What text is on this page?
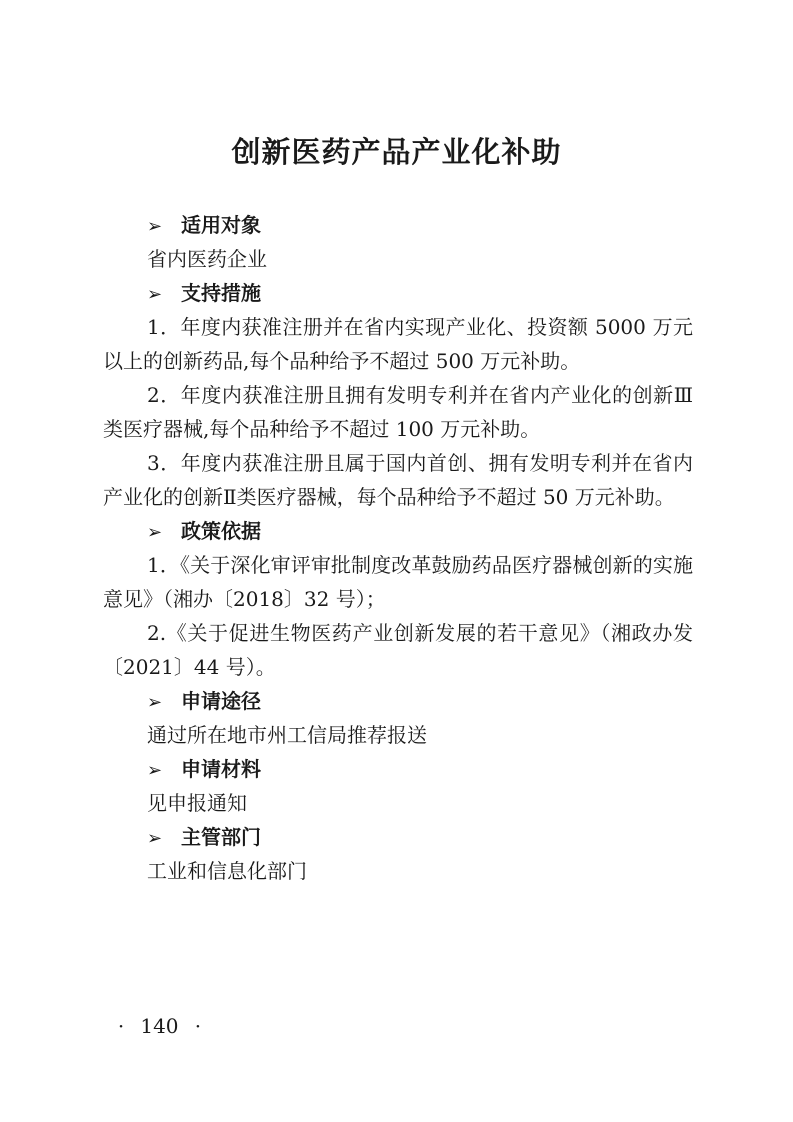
创新医药产品产业化补助
➢ 适用对象
省内医药企业
➢ 支持措施

1．年度内获准注册并在省内实现产业化、投资额 5000 万元以上的创新药品,每个品种给予不超过 500 万元补助。

2．年度内获准注册且拥有发明专利并在省内产业化的创新Ⅲ类医疗器械,每个品种给予不超过 100 万元补助。

3．年度内获准注册且属于国内首创、拥有发明专利并在省内产业化的创新Ⅱ类医疗器械，每个品种给予不超过 50 万元补助。

➢ 政策依据

1．《关于深化审评审批制度改革鼓励药品医疗器械创新的实施意见》（湘办〔2018〕32 号）；

2.《关于促进生物医药产业创新发展的若干意见》（湘政办发〔2021〕44 号）。

➢ 申请途径
通过所在地市州工信局推荐报送
➢ 申请材料
见申报通知
➢ 主管部门
工业和信息化部门
· 140 ·
